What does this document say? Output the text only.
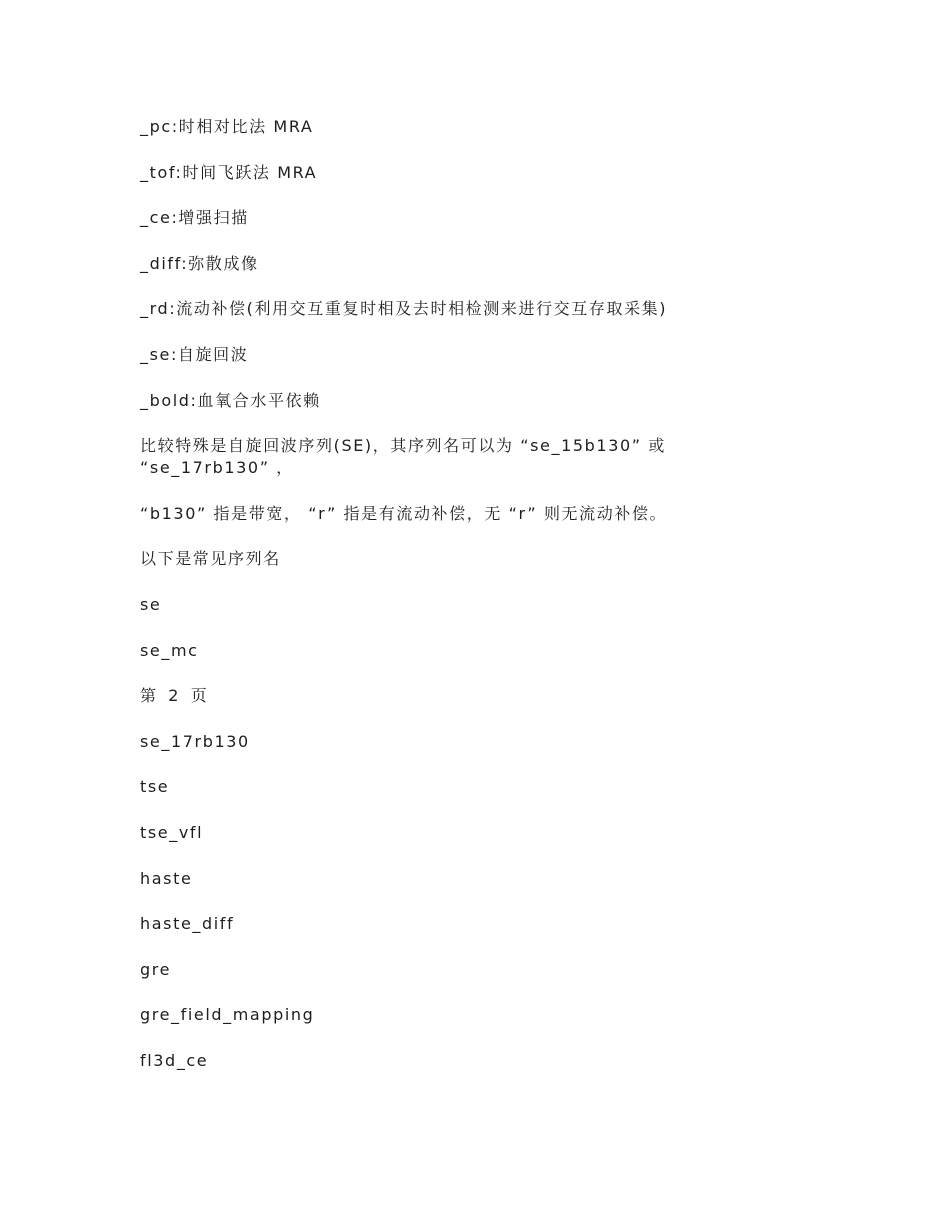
_pc:时相对比法 MRA

_tof:时间飞跃法 MRA

_ce:增强扫描

_diff:弥散成像

_rd:流动补偿(利用交互重复时相及去时相检测来进行交互存取采集)

_se:自旋回波

_bold:血氧合水平依赖

比较特殊是自旋回波序列(SE)，其序列名可以为 “se_15b130” 或
“se_17rb130” ，

“b130” 指是带宽， “r” 指是有流动补偿，无 “r” 则无流动补偿。

以下是常见序列名

se

se_mc

第 2 页

se_17rb130

tse

tse_vfl

haste

haste_diff

gre

gre_field_mapping

fl3d_ce
